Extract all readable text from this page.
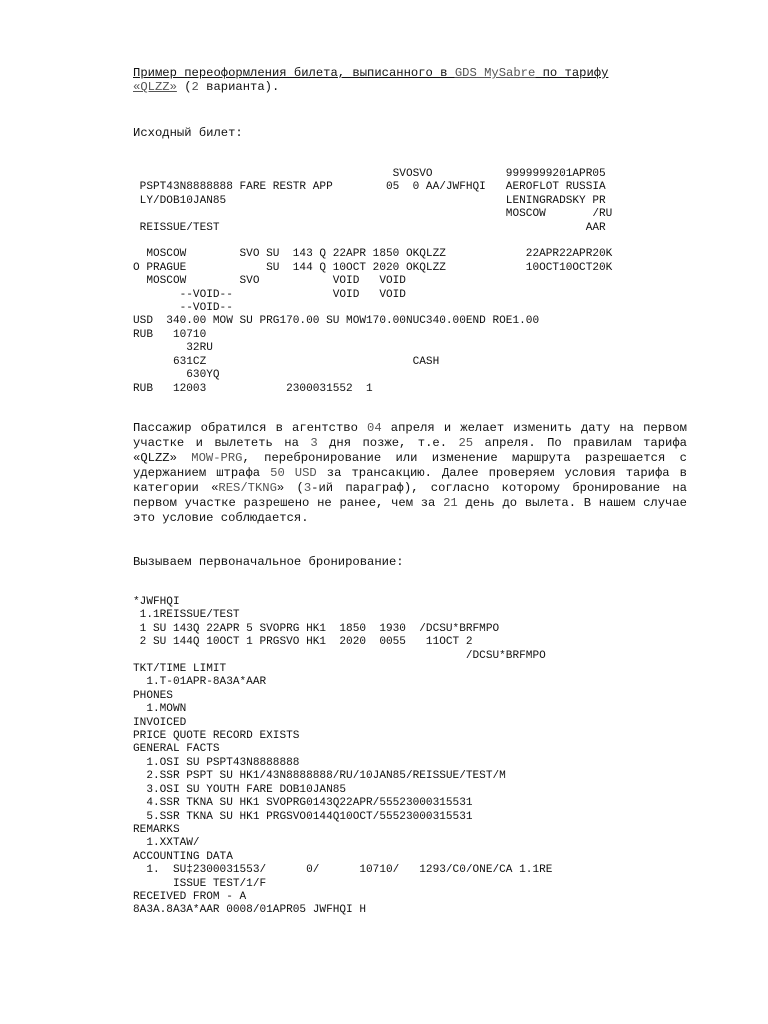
Пример переоформления билета, выписанного в GDS MySabre по тарифу
«QLZZ» (2 варианта).
Исходный билет:
SVOSVO           9999999201APR05
PSPT43N8888888 FARE RESTR APP        05  0 AA/JWFHQI   AEROFLOT RUSSIA
LY/DOB10JAN85                                          LENINGRADSKY PR
MOSCOW       /RU
REISSUE/TEST                                                       AAR

MOSCOW        SVO SU  143 Q 22APR 1850 OKQLZZ            22APR22APR20K
O PRAGUE            SU  144 Q 10OCT 2020 OKQLZZ            10OCT10OCT20K
MOSCOW        SVO           VOID   VOID
--VOID--               VOID   VOID
--VOID--
USD  340.00 MOW SU PRG170.00 SU MOW170.00NUC340.00END ROE1.00
RUB   10710
32RU
631CZ                               CASH
630YQ
RUB   12003            2300031552  1
Пассажир обратился в агентство 04 апреля и желает изменить дату на первом участке и вылететь на 3 дня позже, т.е. 25 апреля. По правилам тарифа «QLZZ» MOW-PRG, перебронирование или изменение маршрута разрешается с удержанием штрафа 50 USD за трансакцию. Далее проверяем условия тарифа в категории «RES/TKNG» (3-ий параграф), согласно которому бронирование на первом участке разрешено не ранее, чем за 21 день до вылета. В нашем случае это условие соблюдается.
Вызываем первоначальное бронирование:
*JWFHQI
1.1REISSUE/TEST
1 SU 143Q 22APR 5 SVOPRG HK1  1850  1930  /DCSU*BRFMPO
2 SU 144Q 10OCT 1 PRGSVO HK1  2020  0055   11OCT 2
/DCSU*BRFMPO
TKT/TIME LIMIT
1.T-01APR-8A3A*AAR
PHONES
1.MOWN
INVOICED
PRICE QUOTE RECORD EXISTS
GENERAL FACTS
1.OSI SU PSPT43N8888888
2.SSR PSPT SU HK1/43N8888888/RU/10JAN85/REISSUE/TEST/M
3.OSI SU YOUTH FARE DOB10JAN85
4.SSR TKNA SU HK1 SVOPRG0143Q22APR/55523000315531
5.SSR TKNA SU HK1 PRGSVO0144Q10OCT/55523000315531
REMARKS
1.XXTAW/
ACCOUNTING DATA
1.  SU‡2300031553/      0/      10710/   1293/C0/ONE/CA 1.1RE
ISSUE TEST/1/F
RECEIVED FROM - A
8A3A.8A3A*AAR 0008/01APR05 JWFHQI H
